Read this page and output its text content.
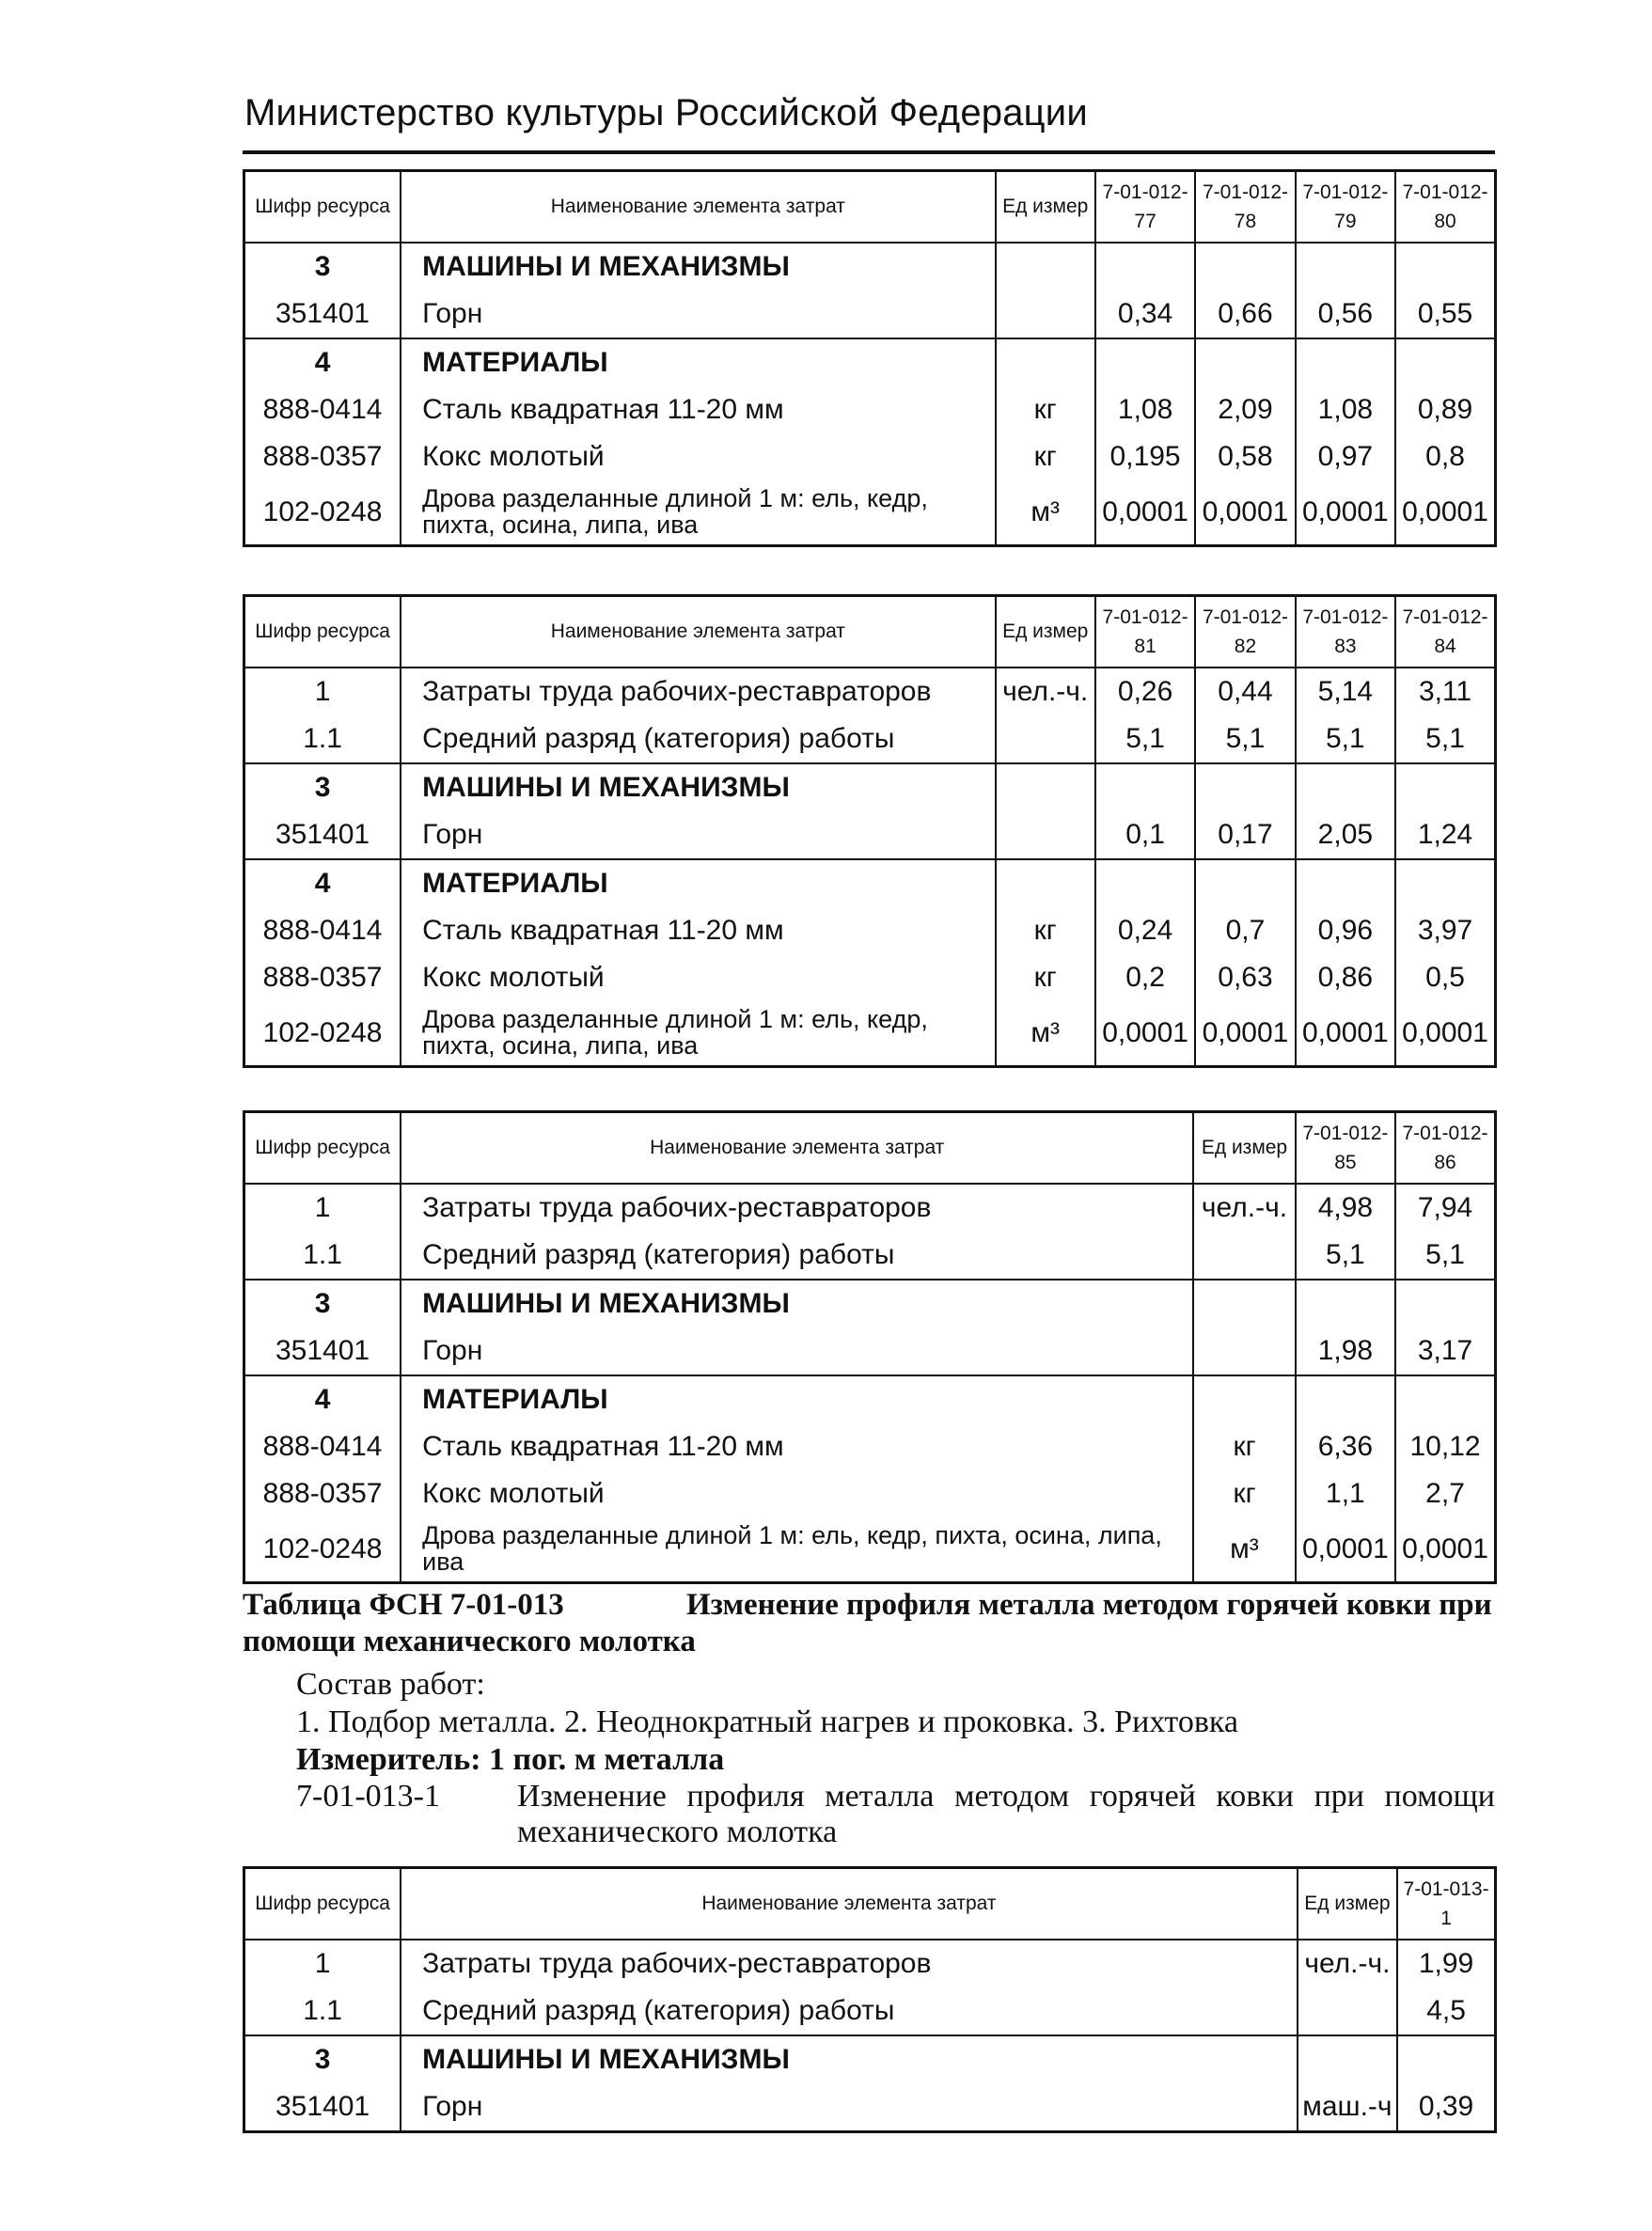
Министерство культуры Российской Федерации
Шифр ресурса	Наименование элемента затрат	Ед измер	7-01-012-77	7-01-012-78	7-01-012-79	7-01-012-80
3	МАШИНЫ И МЕХАНИЗМЫ					
351401	Горн		0,34	0,66	0,56	0,55
4	МАТЕРИАЛЫ					
888-0414	Сталь квадратная 11-20 мм	кг	1,08	2,09	1,08	0,89
888-0357	Кокс молотый	кг	0,195	0,58	0,97	0,8
102-0248	Дрова разделанные длиной 1 м: ель, кедр, пихта, осина, липа, ива	м³	0,0001	0,0001	0,0001	0,0001
Шифр ресурса	Наименование элемента затрат	Ед измер	7-01-012-81	7-01-012-82	7-01-012-83	7-01-012-84
1	Затраты труда рабочих-реставраторов	чел.-ч.	0,26	0,44	5,14	3,11
1.1	Средний разряд (категория) работы		5,1	5,1	5,1	5,1
3	МАШИНЫ И МЕХАНИЗМЫ					
351401	Горн		0,1	0,17	2,05	1,24
4	МАТЕРИАЛЫ					
888-0414	Сталь квадратная 11-20 мм	кг	0,24	0,7	0,96	3,97
888-0357	Кокс молотый	кг	0,2	0,63	0,86	0,5
102-0248	Дрова разделанные длиной 1 м: ель, кедр, пихта, осина, липа, ива	м³	0,0001	0,0001	0,0001	0,0001
Шифр ресурса	Наименование элемента затрат	Ед измер	7-01-012-85	7-01-012-86
1	Затраты труда рабочих-реставраторов	чел.-ч.	4,98	7,94
1.1	Средний разряд (категория) работы		5,1	5,1
3	МАШИНЫ И МЕХАНИЗМЫ			
351401	Горн		1,98	3,17
4	МАТЕРИАЛЫ			
888-0414	Сталь квадратная 11-20 мм	кг	6,36	10,12
888-0357	Кокс молотый	кг	1,1	2,7
102-0248	Дрова разделанные длиной 1 м: ель, кедр, пихта, осина, липа, ива	м³	0,0001	0,0001
Таблица ФСН 7-01-013	Изменение профиля металла методом горячей ковки при помощи механического молотка
Состав работ:
1. Подбор металла. 2. Неоднократный нагрев и проковка. 3. Рихтовка
Измеритель: 1 пог. м металла
7-01-013-1 Изменение профиля металла методом горячей ковки при помощи механического молотка
Шифр ресурса	Наименование элемента затрат	Ед измер	7-01-013-1
1	Затраты труда рабочих-реставраторов	чел.-ч.	1,99
1.1	Средний разряд (категория) работы		4,5
3	МАШИНЫ И МЕХАНИЗМЫ		
351401	Горн	маш.-ч	0,39
